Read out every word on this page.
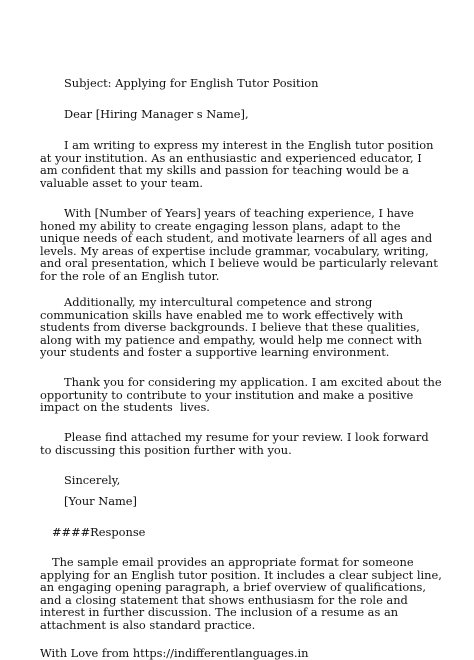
Subject: Applying for English Tutor Position

Dear [Hiring Manager s Name],

I am writing to express my interest in the English tutor position at your institution. As an enthusiastic and experienced educator, I am confident that my skills and passion for teaching would be a valuable asset to your team.

With [Number of Years] years of teaching experience, I have honed my ability to create engaging lesson plans, adapt to the unique needs of each student, and motivate learners of all ages and levels. My areas of expertise include grammar, vocabulary, writing, and oral presentation, which I believe would be particularly relevant for the role of an English tutor.

Additionally, my intercultural competence and strong communication skills have enabled me to work effectively with students from diverse backgrounds. I believe that these qualities, along with my patience and empathy, would help me connect with your students and foster a supportive learning environment.

Thank you for considering my application. I am excited about the opportunity to contribute to your institution and make a positive impact on the students  lives.

Please find attached my resume for your review. I look forward to discussing this position further with you.

Sincerely,

[Your Name]

####Response

The sample email provides an appropriate format for someone applying for an English tutor position. It includes a clear subject line, an engaging opening paragraph, a brief overview of qualifications, and a closing statement that shows enthusiasm for the role and interest in further discussion. The inclusion of a resume as an attachment is also standard practice.

With Love from https://indifferentlanguages.in
